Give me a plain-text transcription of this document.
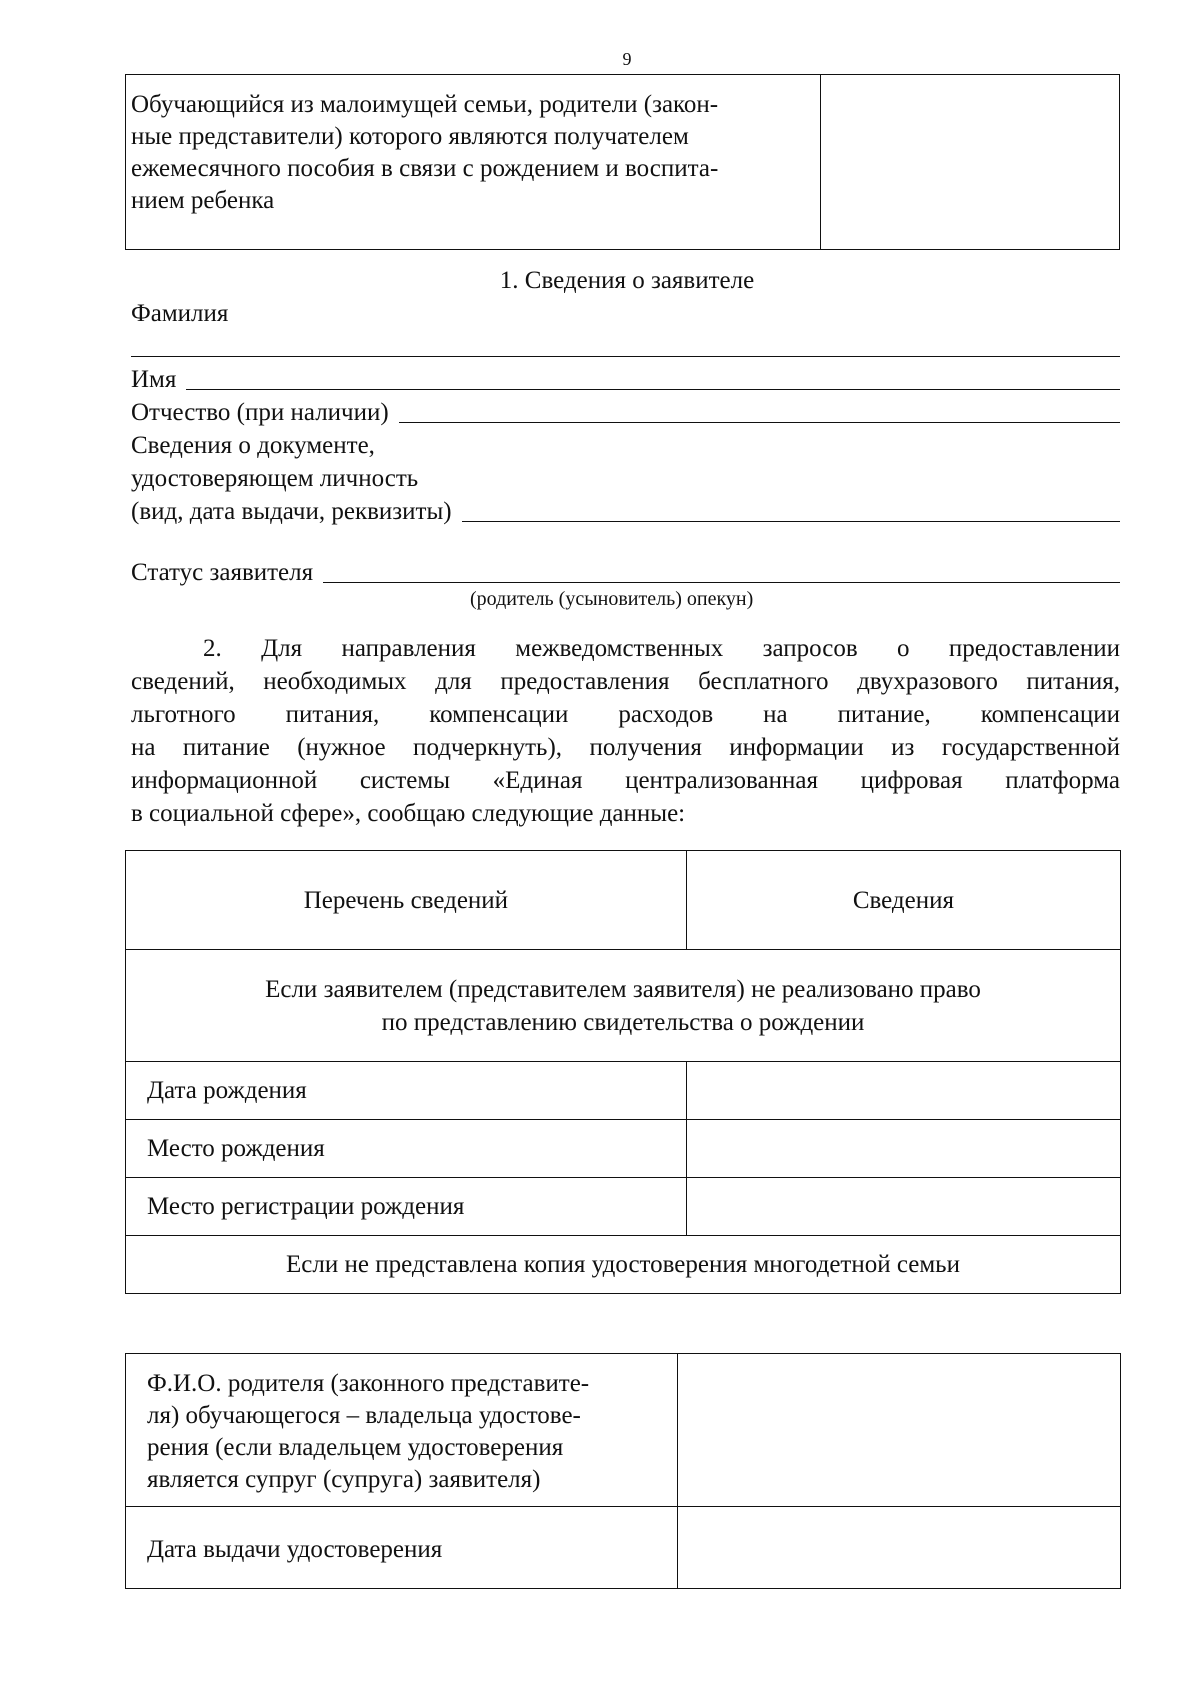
9
Обучающийся из малоимущей семьи, родители (закон-
ные представители) которого являются получателем
ежемесячного пособия в связи с рождением и воспита-
нием ребенка

1. Сведения о заявителе
Фамилия
Имя
Отчество (при наличии)
Сведения о документе,
удостоверяющем личность
(вид, дата выдачи, реквизиты)
Статус заявителя
(родитель (усыновитель) опекун)
2. Для направления межведомственных запросов о предоставлении
сведений, необходимых для предоставления бесплатного двухразового питания,
льготного питания, компенсации расходов на питание, компенсации
на питание (нужное подчеркнуть), получения информации из государственной
информационной системы «Единая централизованная цифровая платформа
в социальной сфере», сообщаю следующие данные:
Перечень сведений	Сведения

Если заявителем (представителем заявителя) не реализовано право
по представлению свидетельства о рождении	

Дата рождения	
Место рождения	
Место регистрации рождения	
Если не представлена копия удостоверения многодетной семьи	
Ф.И.О. родителя (законного представите-
ля) обучающегося – владельца удостове-
рения (если владельцем удостоверения
является супруг (супруга) заявителя)	

Дата выдачи удостоверения	
